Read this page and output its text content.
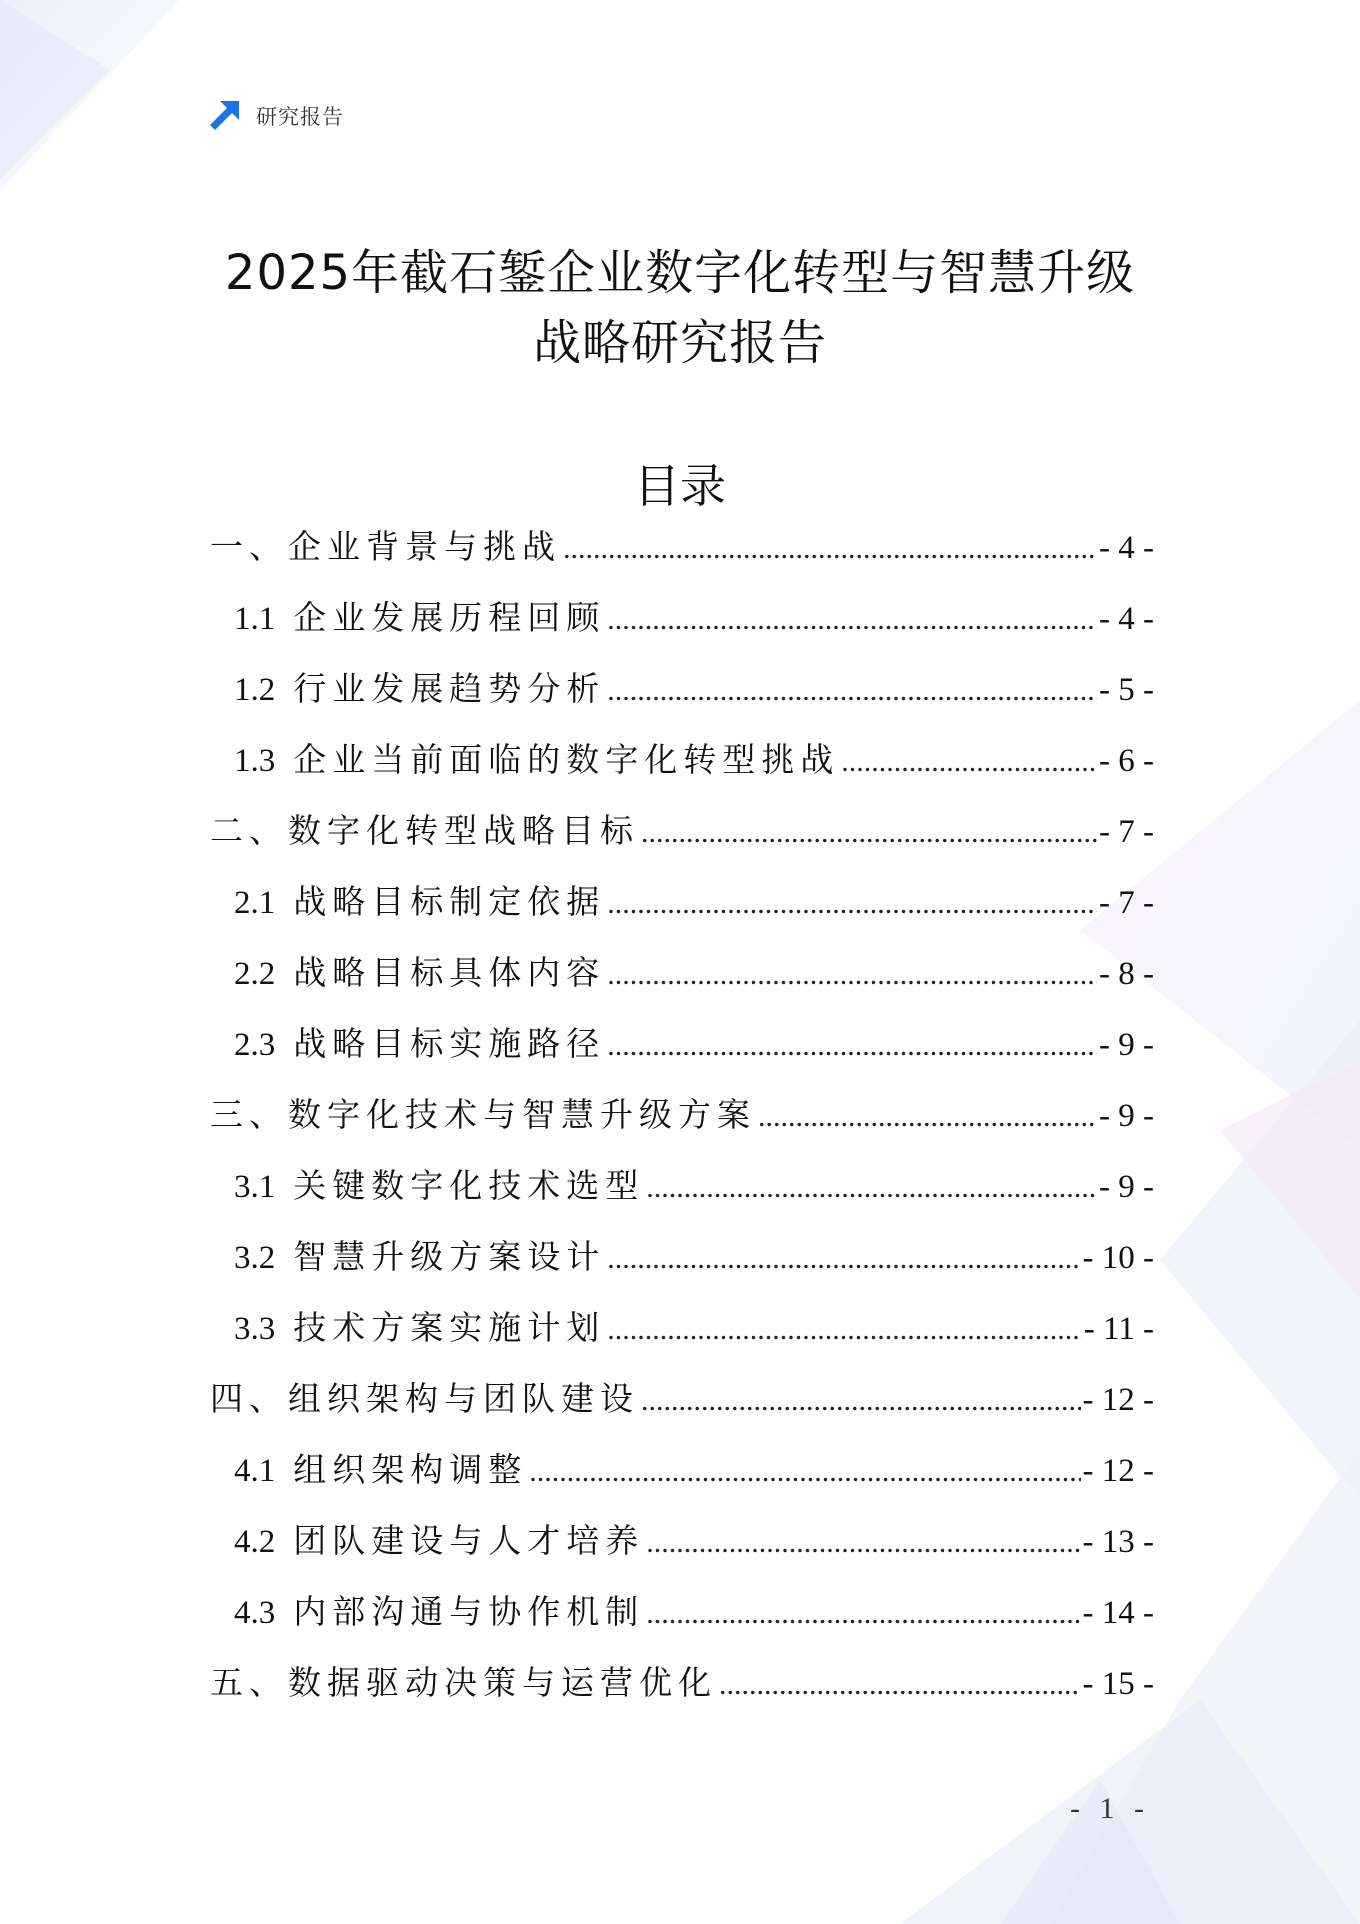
研究报告
2025年截石錾企业数字化转型与智慧升级
战略研究报告
目录
一、企业背景与挑战 .....	- 4 -
1.1 企业发展历程回顾 .....	- 4 -
1.2 行业发展趋势分析 .....	- 5 -
1.3 企业当前面临的数字化转型挑战 .....	- 6 -
二、数字化转型战略目标 .....	- 7 -
2.1 战略目标制定依据 .....	- 7 -
2.2 战略目标具体内容 .....	- 8 -
2.3 战略目标实施路径 .....	- 9 -
三、数字化技术与智慧升级方案 .....	- 9 -
3.1 关键数字化技术选型 .....	- 9 -
3.2 智慧升级方案设计 .....	- 10 -
3.3 技术方案实施计划 .....	- 11 -
四、组织架构与团队建设 .....	- 12 -
4.1 组织架构调整 .....	- 12 -
4.2 团队建设与人才培养 .....	- 13 -
4.3 内部沟通与协作机制 .....	- 14 -
五、数据驱动决策与运营优化 .....	- 15 -
- 1 -
